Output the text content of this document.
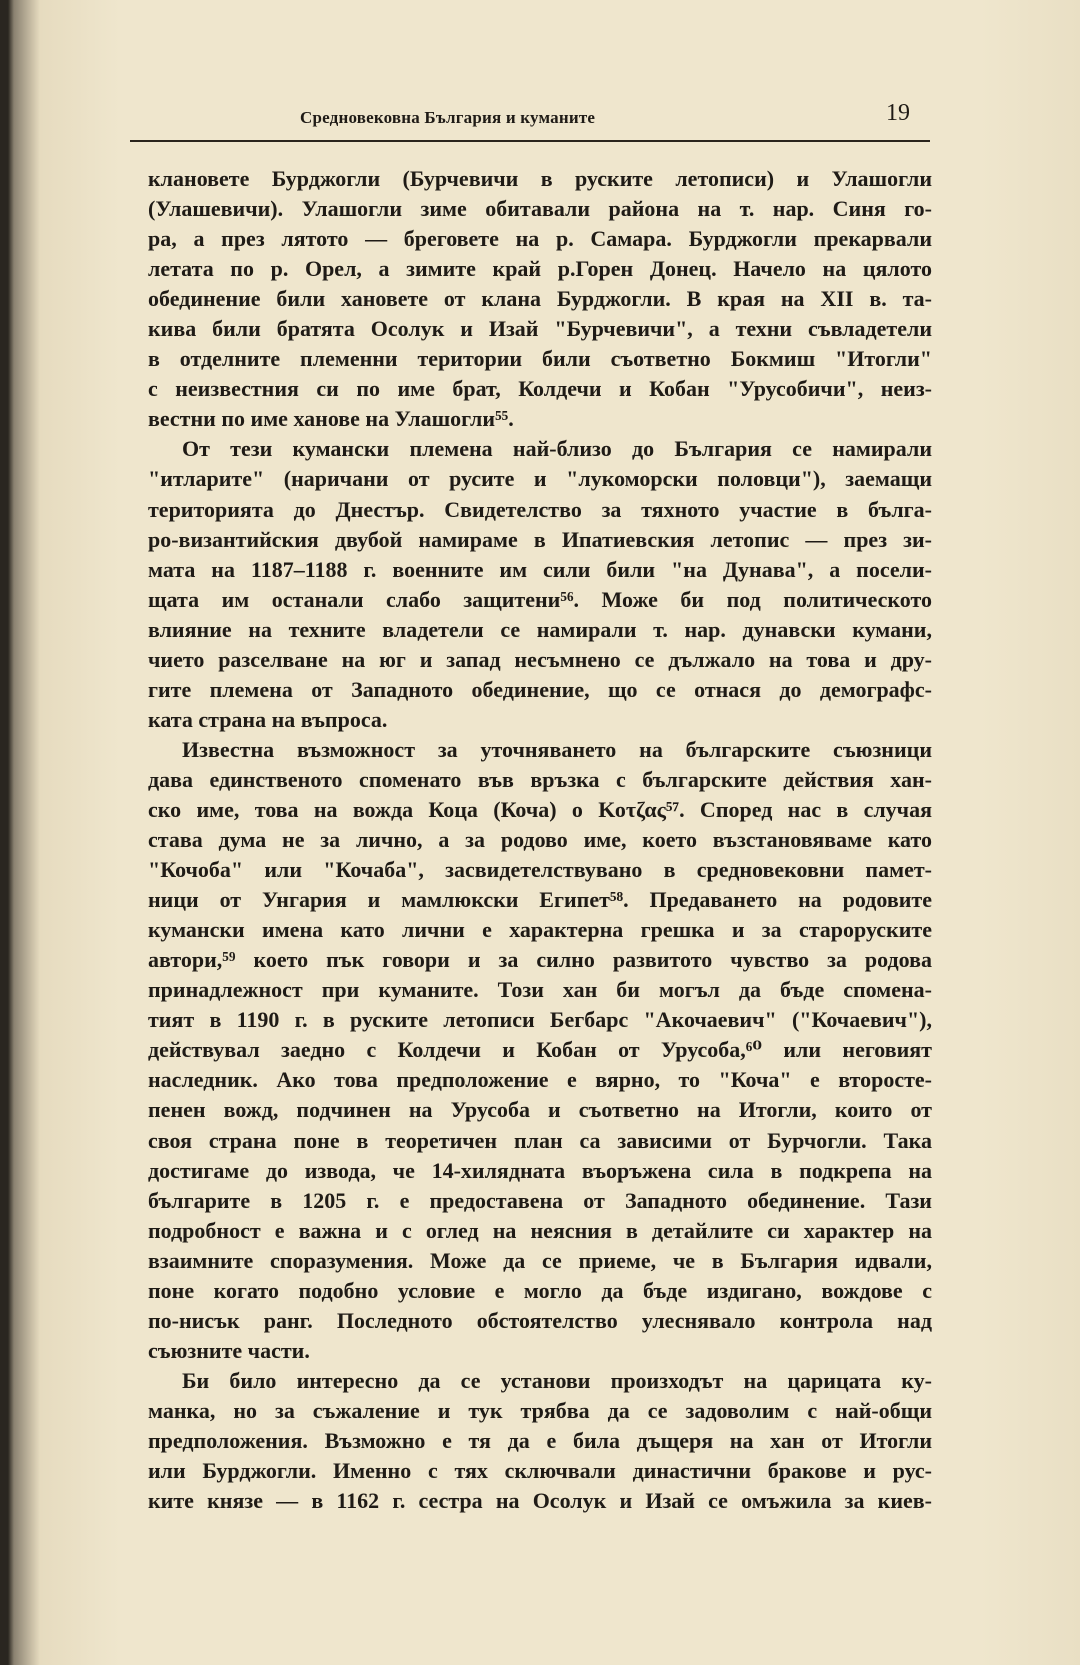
Средновековна България и куманите	19
клановете Бурджогли (Бурчевичи в руските летописи) и Улашогли
(Улашевичи). Улашогли зиме обитавали района на т. нар. Синя го-
ра, а през лятото — бреговете на р. Самара. Бурджогли прекарвали
летата по р. Орел, а зимите край р.Горен Донец. Начело на цялото
обединение били хановете от клана Бурджогли. В края на XII в. та-
кива били братята Осолук и Изай "Бурчевичи", а техни съвладетели
в отделните племенни територии били съответно Бокмиш "Итогли"
с неизвестния си по име брат, Колдечи и Кобан "Урусобичи", неиз-
вестни по име ханове на Улашогли⁵⁵.
От тези кумански племена най-близо до България се намирали
"итларите" (наричани от русите и "лукоморски половци"), заемащи
територията до Днестър. Свидетелство за тяхното участие в бълга-
ро-византийския двубой намираме в Ипатиевския летопис — през зи-
мата на 1187–1188 г. военните им сили били "на Дунава", а посели-
щата им останали слабо защитени⁵⁶. Може би под политическото
влияние на техните владетели се намирали т. нар. дунавски кумани,
чието разселване на юг и запад несъмнено се дължало на това и дру-
гите племена от Западното обединение, що се отнася до демографс-
ката страна на въпроса.
Известна възможност за уточняването на българските съюзници
дава единственото споменато във връзка с българските действия хан-
ско име, това на вожда Коца (Коча) ο Κοτζας⁵⁷. Според нас в случая
става дума не за лично, а за родово име, което възстановяваме като
"Кочоба" или "Кочаба", засвидетелствувано в средновековни памет-
ници от Унгария и мамлюкски Египет⁵⁸. Предаването на родовите
кумански имена като лични е характерна грешка и за староруските
автори,⁵⁹ което пък говори и за силно развитото чувство за родова
принадлежност при куманите. Този хан би могъл да бъде спомена-
тият в 1190 г. в руските летописи Бегбарс "Акочаевич" ("Кочаевич"),
действувал заедно с Колдечи и Кобан от Урусоба,⁶⁰ или неговият
наследник. Ако това предположение е вярно, то "Коча" е второсте-
пенен вожд, подчинен на Урусоба и съответно на Итогли, които от
своя страна поне в теоретичен план са зависими от Бурчогли. Така
достигаме до извода, че 14-хилядната въоръжена сила в подкрепа на
българите в 1205 г. е предоставена от Западното обединение. Тази
подробност е важна и с оглед на неясния в детайлите си характер на
взаимните споразумения. Може да се приеме, че в България идвали,
поне когато подобно условие е могло да бъде издигано, вождове с
по-нисък ранг. Последното обстоятелство улеснявало контрола над
съюзните части.
Би било интересно да се установи произходът на царицата ку-
манка, но за съжаление и тук трябва да се задоволим с най-общи
предположения. Възможно е тя да е била дъщеря на хан от Итогли
или Бурджогли. Именно с тях сключвали династични бракове и рус-
ките князе — в 1162 г. сестра на Осолук и Изай се омъжила за киев-
